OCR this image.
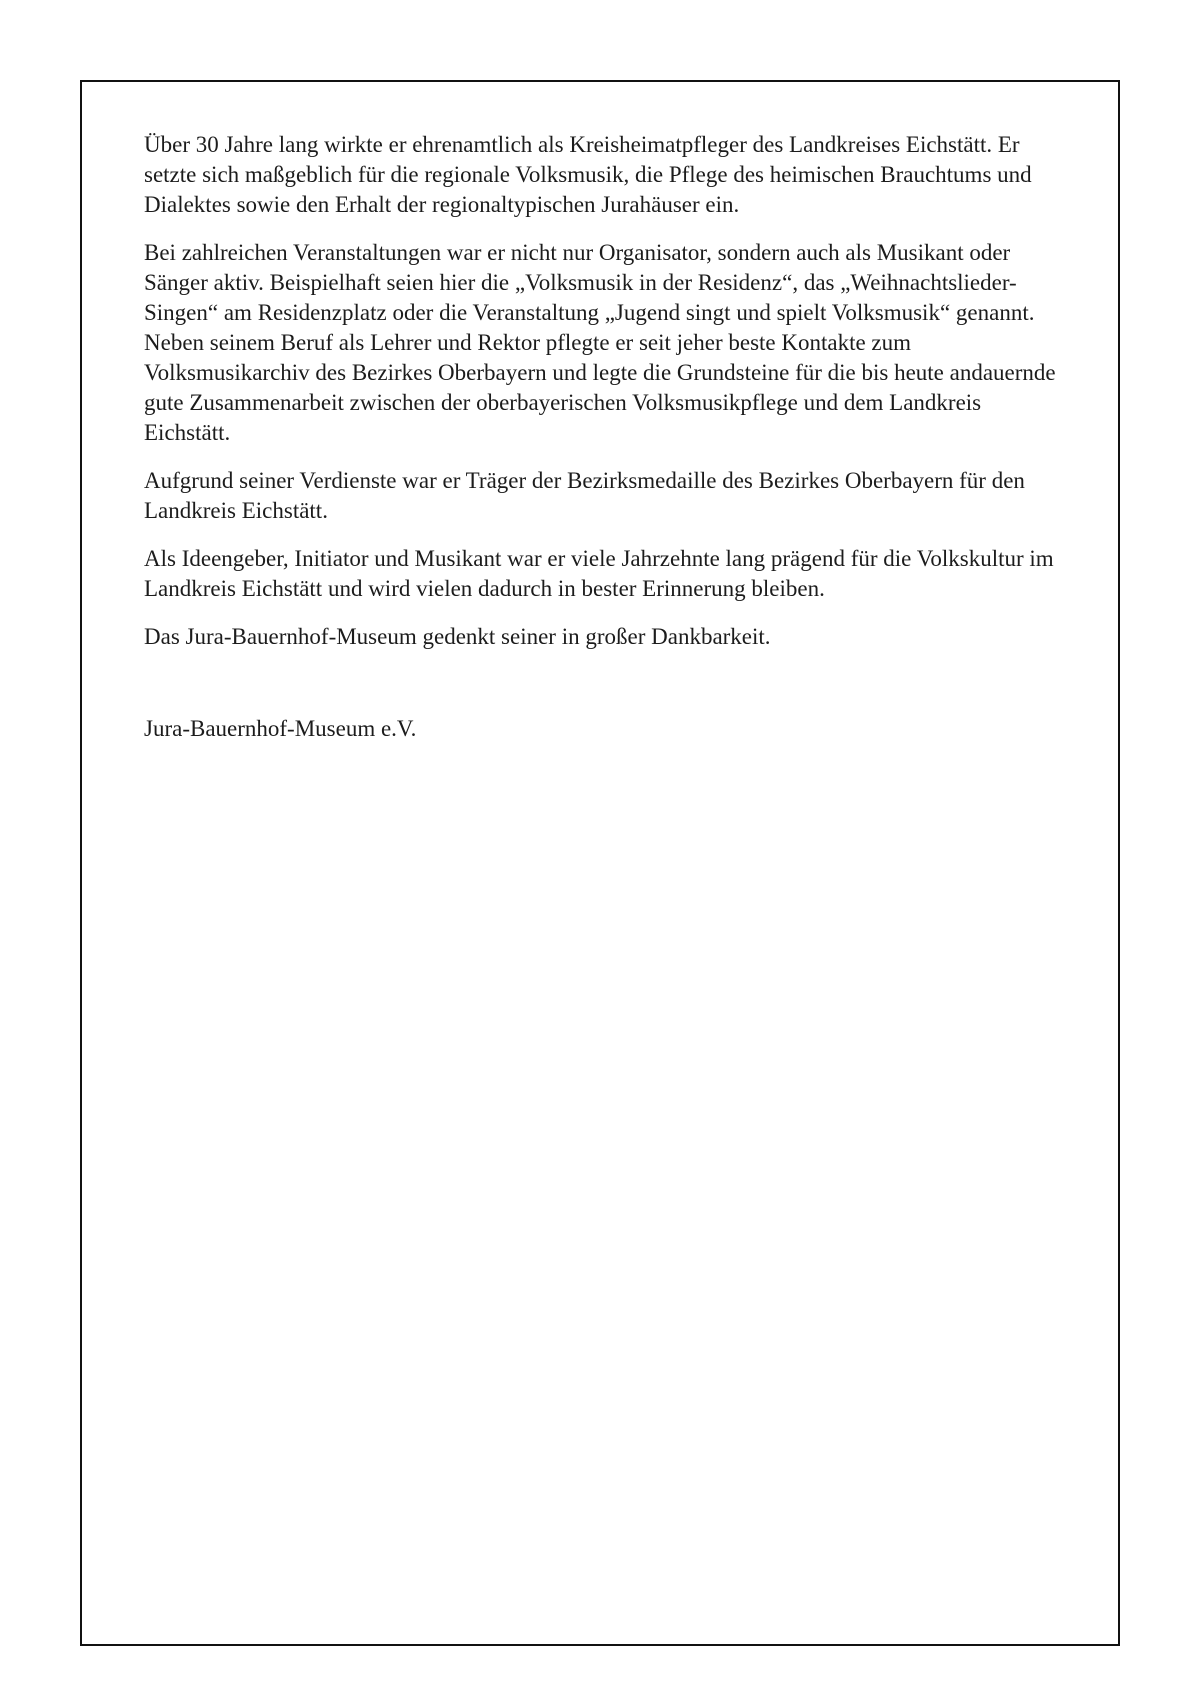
Über 30 Jahre lang wirkte er ehrenamtlich als Kreisheimatpfleger des Landkreises Eichstätt. Er setzte sich maßgeblich für die regionale Volksmusik, die Pflege des heimischen Brauchtums und Dialektes sowie den Erhalt der regionaltypischen Jurahäuser ein.

Bei zahlreichen Veranstaltungen war er nicht nur Organisator, sondern auch als Musikant oder Sänger aktiv. Beispielhaft seien hier die „Volksmusik in der Residenz“, das „Weihnachtslieder-Singen“ am Residenzplatz oder die Veranstaltung „Jugend singt und spielt Volksmusik“ genannt. Neben seinem Beruf als Lehrer und Rektor pflegte er seit jeher beste Kontakte zum Volksmusikarchiv des Bezirkes Oberbayern und legte die Grundsteine für die bis heute andauernde gute Zusammenarbeit zwischen der oberbayerischen Volksmusikpflege und dem Landkreis Eichstätt.

Aufgrund seiner Verdienste war er Träger der Bezirksmedaille des Bezirkes Oberbayern für den Landkreis Eichstätt.

Als Ideengeber, Initiator und Musikant war er viele Jahrzehnte lang prägend für die Volkskultur im Landkreis Eichstätt und wird vielen dadurch in bester Erinnerung bleiben.

Das Jura-Bauernhof-Museum gedenkt seiner in großer Dankbarkeit.

Jura-Bauernhof-Museum e.V.
